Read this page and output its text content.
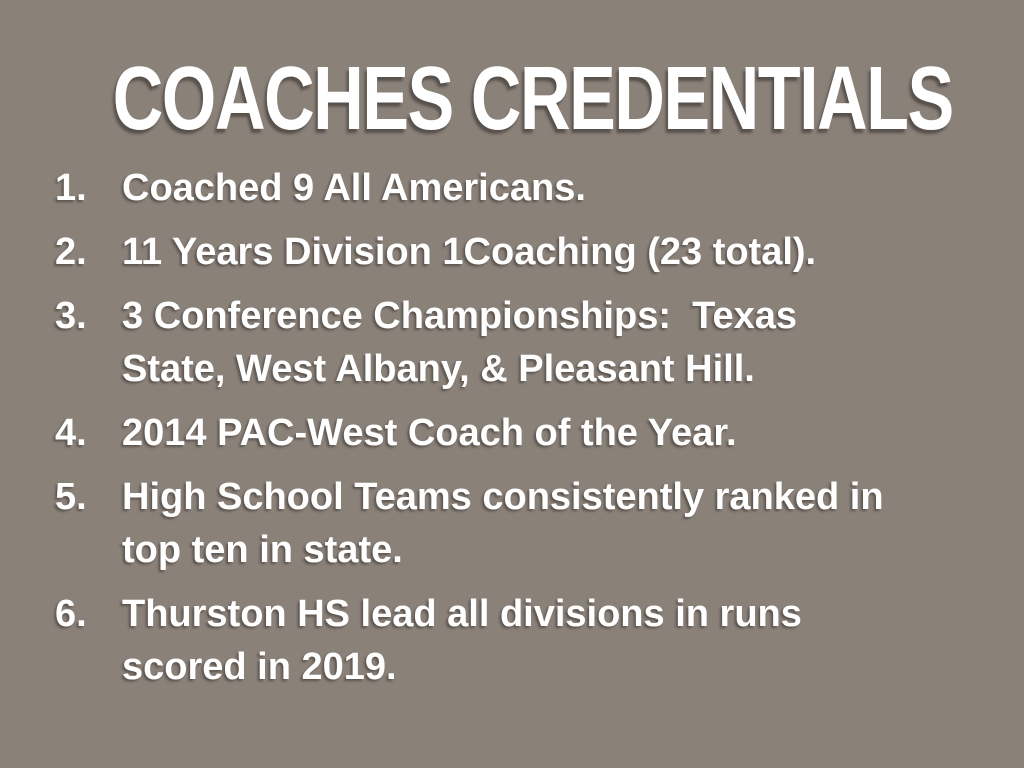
COACHES CREDENTIALS
1. Coached 9 All Americans.
2. 11 Years Division 1Coaching (23 total).
3. 3 Conference Championships:  Texas
State, West Albany, & Pleasant Hill.
4. 2014 PAC-West Coach of the Year.
5. High School Teams consistently ranked in
top ten in state.
6. Thurston HS lead all divisions in runs
scored in 2019.
